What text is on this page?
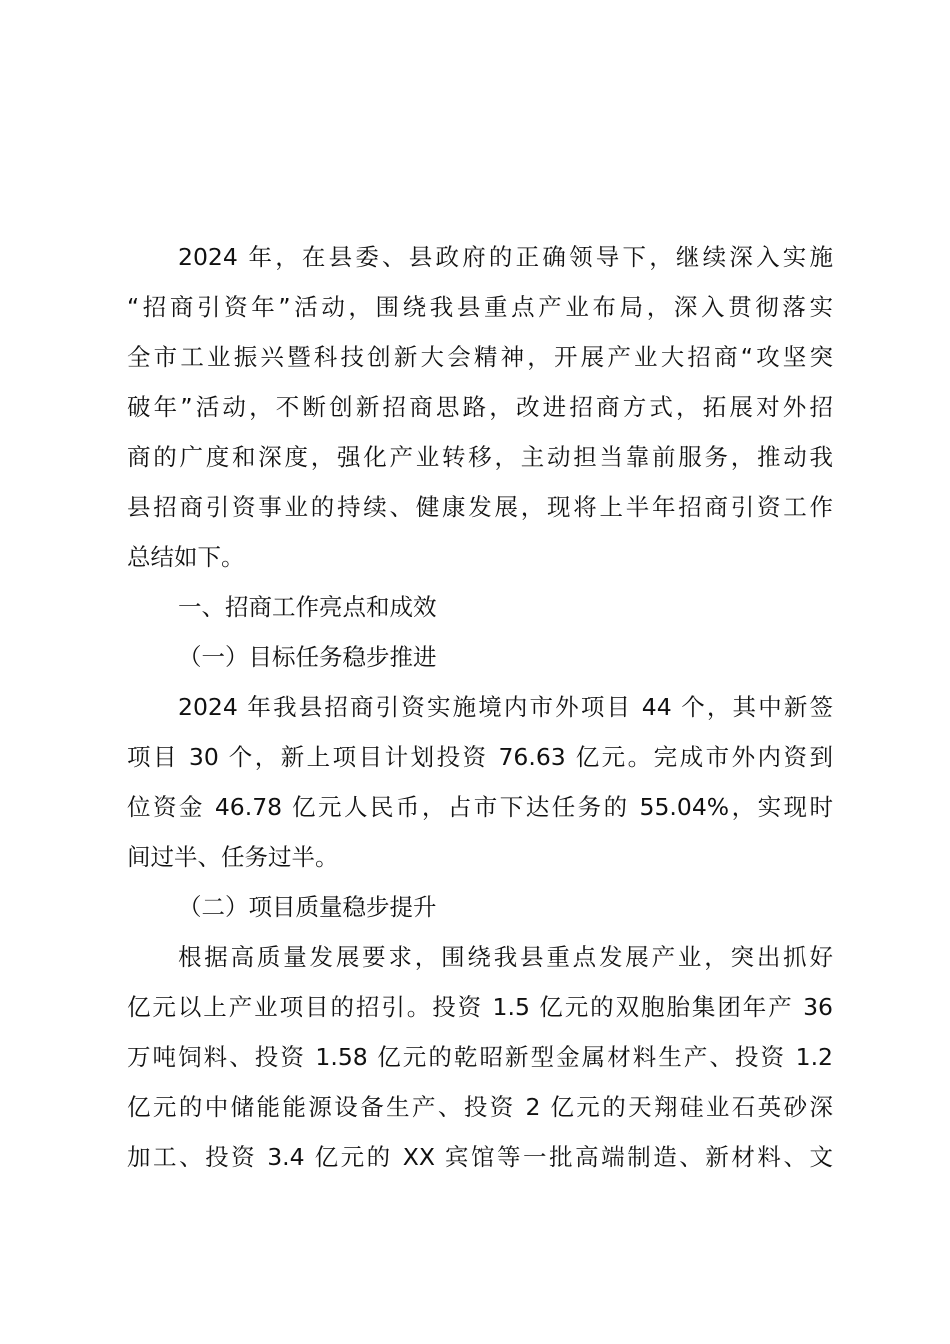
2024 年，在县委、县政府的正确领导下，继续深入实施
“招商引资年”活动，围绕我县重点产业布局，深入贯彻落实
全市工业振兴暨科技创新大会精神，开展产业大招商“攻坚突
破年”活动，不断创新招商思路，改进招商方式，拓展对外招
商的广度和深度，强化产业转移，主动担当靠前服务，推动我
县招商引资事业的持续、健康发展，现将上半年招商引资工作
总结如下。
一、招商工作亮点和成效
（一）目标任务稳步推进
2024 年我县招商引资实施境内市外项目 44 个，其中新签
项目 30 个，新上项目计划投资 76.63 亿元。完成市外内资到
位资金 46.78 亿元人民币，占市下达任务的 55.04%，实现时
间过半、任务过半。
（二）项目质量稳步提升
根据高质量发展要求，围绕我县重点发展产业，突出抓好
亿元以上产业项目的招引。投资 1.5 亿元的双胞胎集团年产 36
万吨饲料、投资 1.58 亿元的乾昭新型金属材料生产、投资 1.2
亿元的中储能能源设备生产、投资 2 亿元的天翔硅业石英砂深
加工、投资 3.4 亿元的 XX 宾馆等一批高端制造、新材料、文
